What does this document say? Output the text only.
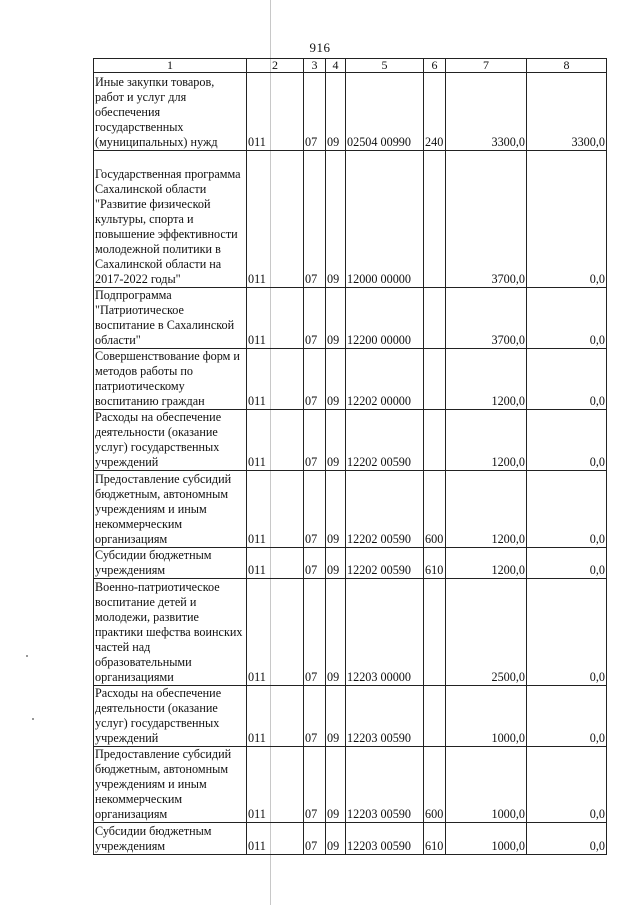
916
1	2	3	4	5	6	7	8
Иные закупки товаров, работ и услуг для обеспечения государственных (муниципальных) нужд	011	07	09	02504 00990	240	3300,0	3300,0
Государственная программа Сахалинской области "Развитие физической культуры, спорта и повышение эффективности молодежной политики в Сахалинской области на 2017-2022 годы"	011	07	09	12000 00000		3700,0	0,0
Подпрограмма "Патриотическое воспитание в Сахалинской области"	011	07	09	12200 00000		3700,0	0,0
Совершенствование форм и методов работы по патриотическому воспитанию граждан	011	07	09	12202 00000		1200,0	0,0
Расходы на обеспечение деятельности (оказание услуг) государственных учреждений	011	07	09	12202 00590		1200,0	0,0
Предоставление субсидий бюджетным, автономным учреждениям и иным некоммерческим организациям	011	07	09	12202 00590	600	1200,0	0,0
Субсидии бюджетным учреждениям	011	07	09	12202 00590	610	1200,0	0,0
Военно-патриотическое воспитание детей и молодежи, развитие практики шефства воинских частей над образовательными организациями	011	07	09	12203 00000		2500,0	0,0
Расходы на обеспечение деятельности (оказание услуг) государственных учреждений	011	07	09	12203 00590		1000,0	0,0
Предоставление субсидий бюджетным, автономным учреждениям и иным некоммерческим организациям	011	07	09	12203 00590	600	1000,0	0,0
Субсидии бюджетным учреждениям	011	07	09	12203 00590	610	1000,0	0,0
